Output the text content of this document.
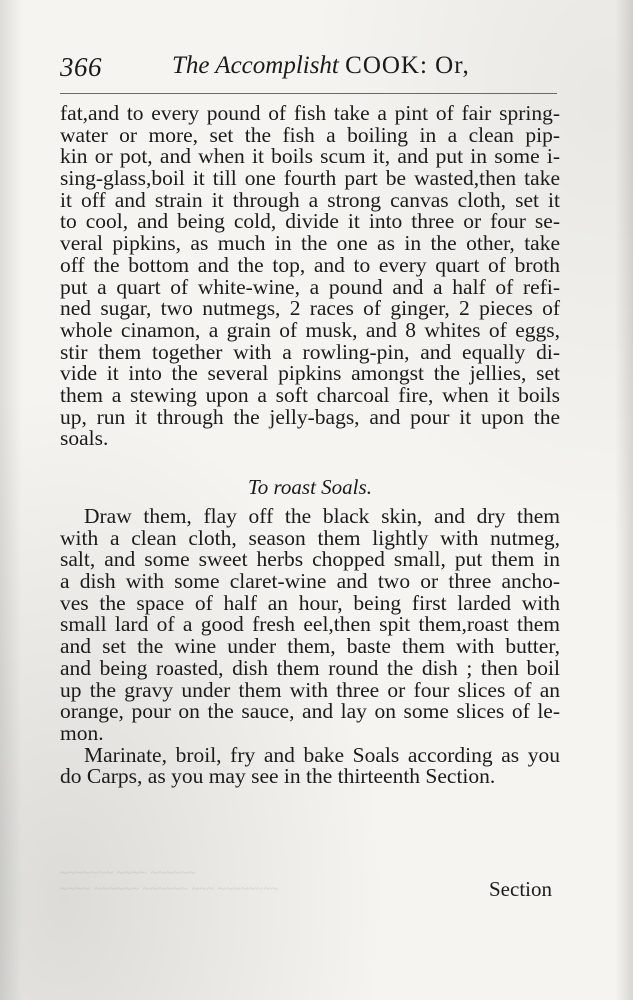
366	The Accomplisht COOK: Or,
fat,and to every pound of fish take a pint of fair spring-
water or more, set the fish a boiling in a clean pip-
kin or pot, and when it boils scum it, and put in some i-
sing-glass,boil it till one fourth part be wasted,then take
it off and strain it through a strong canvas cloth, set it
to cool, and being cold, divide it into three or four se-
veral pipkins, as much in the one as in the other, take
off the bottom and the top, and to every quart of broth
put a quart of white-wine, a pound and a half of refi-
ned sugar, two nutmegs, 2 races of ginger, 2 pieces of
whole cinamon, a grain of musk, and 8 whites of eggs,
stir them together with a rowling-pin, and equally di-
vide it into the several pipkins amongst the jellies, set
them a stewing upon a soft charcoal fire, when it boils
up, run it through the jelly-bags, and pour it upon the
soals.
To roast Soals.
Draw them, flay off the black skin, and dry them
with a clean cloth, season them lightly with nutmeg,
salt, and some sweet herbs chopped small, put them in
a dish with some claret-wine and two or three ancho-
ves the space of half an hour, being first larded with
small lard of a good fresh eel,then spit them,roast them
and set the wine under them, baste them with butter,
and being roasted, dish them round the dish ; then boil
up the gravy under them with three or four slices of an
orange, pour on the sauce, and lay on some slices of le-
mon.
Marinate, broil, fry and bake Soals according as you
do Carps, as you may see in the thirteenth Section.
~~~~~~~ ~~~~ ~~~~~~
~~~~ ~~~~~~ ~~~~~~ ~~~ ~~~~~~~~	Section
